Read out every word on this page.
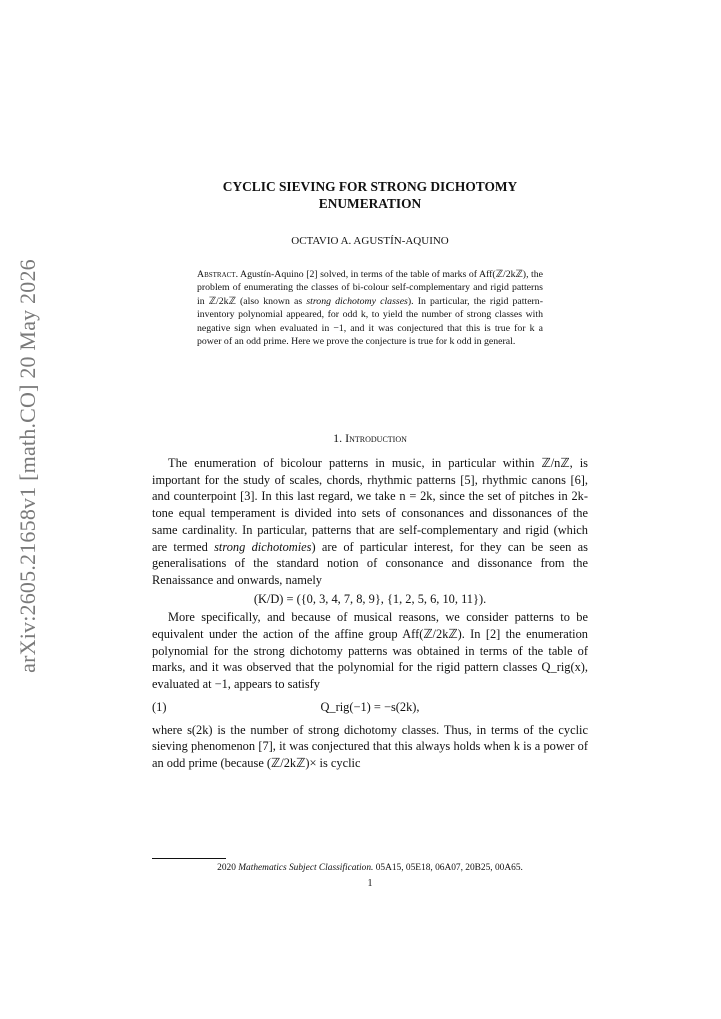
arXiv:2605.21658v1 [math.CO] 20 May 2026
CYCLIC SIEVING FOR STRONG DICHOTOMY
ENUMERATION
OCTAVIO A. AGUSTÍN-AQUINO

Abstract. Agustín-Aquino [2] solved, in terms of the table of marks of Aff(ℤ/2kℤ), the problem of enumerating the classes of bi-colour self-complementary and rigid patterns in ℤ/2kℤ (also known as strong dichotomy classes). In particular, the rigid pattern-inventory polynomial appeared, for odd k, to yield the number of strong classes with negative sign when evaluated in −1, and it was conjectured that this is true for k a power of an odd prime. Here we prove the conjecture is true for k odd in general.

1. Introduction

The enumeration of bicolour patterns in music, in particular within ℤ/nℤ, is important for the study of scales, chords, rhythmic patterns [5], rhythmic canons [6], and counterpoint [3]. In this last regard, we take n = 2k, since the set of pitches in 2k-tone equal temperament is divided into sets of consonances and dissonances of the same cardinality. In particular, patterns that are self-complementary and rigid (which are termed strong dichotomies) are of particular interest, for they can be seen as generalisations of the standard notion of consonance and dissonance from the Renaissance and onwards, namely

(K/D) = ({0, 3, 4, 7, 8, 9}, {1, 2, 5, 6, 10, 11}).

More specifically, and because of musical reasons, we consider patterns to be equivalent under the action of the affine group Aff(ℤ/2kℤ). In [2] the enumeration polynomial for the strong dichotomy patterns was obtained in terms of the table of marks, and it was observed that the polynomial for the rigid pattern classes Q_rig(x), evaluated at −1, appears to satisfy

(1)	Q_rig(−1) = −s(2k),

where s(2k) is the number of strong dichotomy classes. Thus, in terms of the cyclic sieving phenomenon [7], it was conjectured that this always holds when k is a power of an odd prime (because (ℤ/2kℤ)× is cyclic

2020 Mathematics Subject Classification. 05A15, 05E18, 06A07, 20B25, 00A65.
1
